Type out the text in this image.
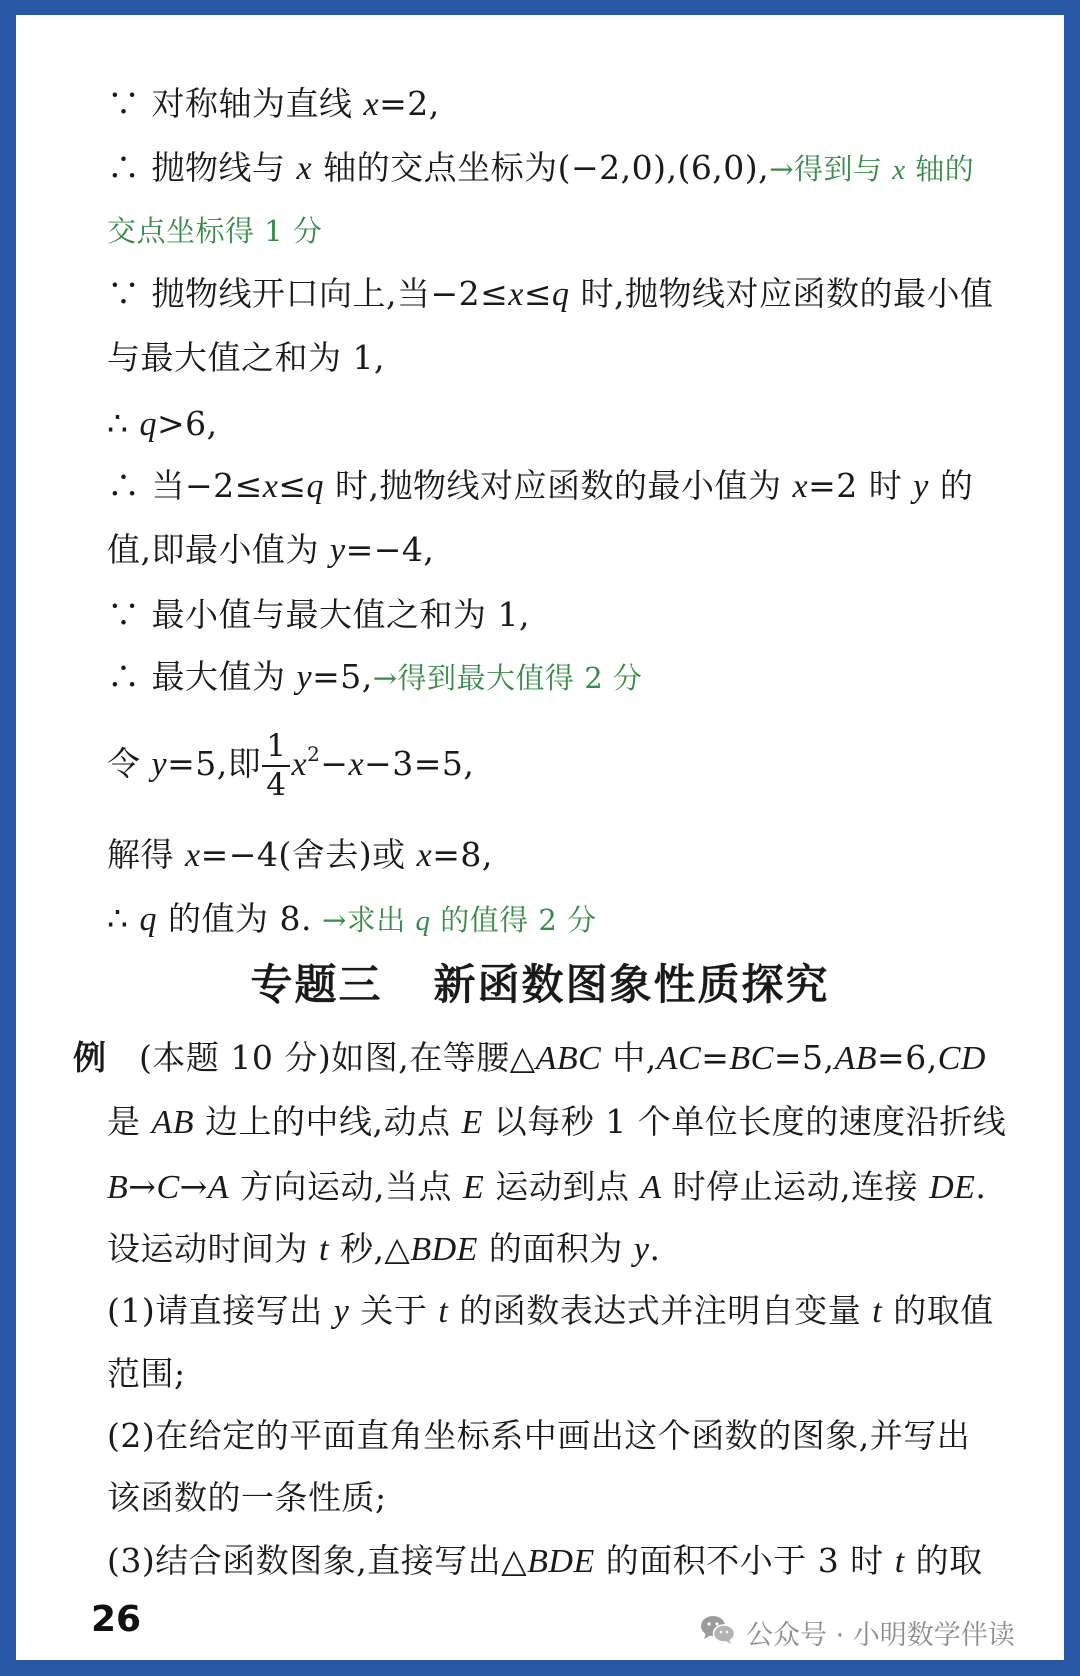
∵ 对称轴为直线 x=2,
∴ 抛物线与 x 轴的交点坐标为(−2,0),(6,0),→得到与 x 轴的
交点坐标得 1 分
∵ 抛物线开口向上,当−2≤x≤q 时,抛物线对应函数的最小值
与最大值之和为 1,
∴ q>6,
∴ 当−2≤x≤q 时,抛物线对应函数的最小值为 x=2 时 y 的
值,即最小值为 y=−4,
∵ 最小值与最大值之和为 1,
∴ 最大值为 y=5,→得到最大值得 2 分
令 y=5,即 $\frac{1}{4} x^2-x-3=5$,
解得 x=−4(舍去)或 x=8,
∴ q 的值为 8. →求出 q 的值得 2 分
专题三 新函数图象性质探究
例 (本题 10 分)如图,在等腰△ABC 中,AC=BC=5,AB=6,CD
是 AB 边上的中线,动点 E 以每秒 1 个单位长度的速度沿折线
B→C→A 方向运动,当点 E 运动到点 A 时停止运动,连接 DE.
设运动时间为 t 秒,△BDE 的面积为 y.
(1)请直接写出 y 关于 t 的函数表达式并注明自变量 t 的取值
范围;
(2)在给定的平面直角坐标系中画出这个函数的图象,并写出
该函数的一条性质;
(3)结合函数图象,直接写出△BDE 的面积不小于 3 时 t 的取
26	公众号 · 小明数学伴读
